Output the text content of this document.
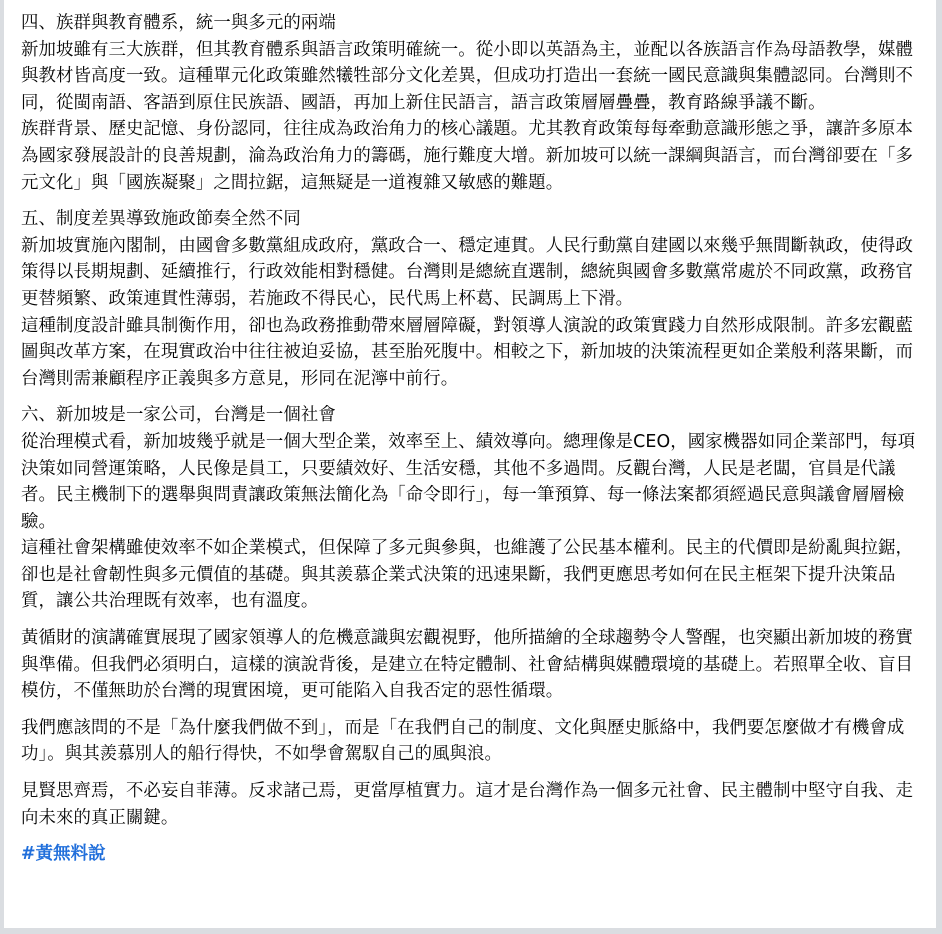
四、族群與教育體系，統一與多元的兩端

新加坡雖有三大族群，但其教育體系與語言政策明確統一。從小即以英語為主，並配以各族語言作為母語教學，媒體與教材皆高度一致。這種單元化政策雖然犧牲部分文化差異，但成功打造出一套統一國民意識與集體認同。台灣則不同，從閩南語、客語到原住民族語、國語，再加上新住民語言，語言政策層層疊疊，教育路線爭議不斷。

族群背景、歷史記憶、身份認同，往往成為政治角力的核心議題。尤其教育政策每每牽動意識形態之爭，讓許多原本為國家發展設計的良善規劃，淪為政治角力的籌碼，施行難度大增。新加坡可以統一課綱與語言，而台灣卻要在「多元文化」與「國族凝聚」之間拉鋸，這無疑是一道複雜又敏感的難題。

五、制度差異導致施政節奏全然不同

新加坡實施內閣制，由國會多數黨組成政府，黨政合一、穩定連貫。人民行動黨自建國以來幾乎無間斷執政，使得政策得以長期規劃、延續推行，行政效能相對穩健。台灣則是總統直選制，總統與國會多數黨常處於不同政黨，政務官更替頻繁、政策連貫性薄弱，若施政不得民心，民代馬上杯葛、民調馬上下滑。

這種制度設計雖具制衡作用，卻也為政務推動帶來層層障礙，對領導人演說的政策實踐力自然形成限制。許多宏觀藍圖與改革方案，在現實政治中往往被迫妥協，甚至胎死腹中。相較之下，新加坡的決策流程更如企業般利落果斷，而台灣則需兼顧程序正義與多方意見，形同在泥濘中前行。

六、新加坡是一家公司，台灣是一個社會

從治理模式看，新加坡幾乎就是一個大型企業，效率至上、績效導向。總理像是CEO，國家機器如同企業部門，每項決策如同營運策略，人民像是員工，只要績效好、生活安穩，其他不多過問。反觀台灣，人民是老闆，官員是代議者。民主機制下的選舉與問責讓政策無法簡化為「命令即行」，每一筆預算、每一條法案都須經過民意與議會層層檢驗。

這種社會架構雖使效率不如企業模式，但保障了多元與參與，也維護了公民基本權利。民主的代價即是紛亂與拉鋸，卻也是社會韌性與多元價值的基礎。與其羨慕企業式決策的迅速果斷，我們更應思考如何在民主框架下提升決策品質，讓公共治理既有效率，也有溫度。

黃循財的演講確實展現了國家領導人的危機意識與宏觀視野，他所描繪的全球趨勢令人警醒，也突顯出新加坡的務實與準備。但我們必須明白，這樣的演說背後，是建立在特定體制、社會結構與媒體環境的基礎上。若照單全收、盲目模仿，不僅無助於台灣的現實困境，更可能陷入自我否定的惡性循環。

我們應該問的不是「為什麼我們做不到」，而是「在我們自己的制度、文化與歷史脈絡中，我們要怎麼做才有機會成功」。與其羨慕別人的船行得快，不如學會駕馭自己的風與浪。

見賢思齊焉，不必妄自菲薄。反求諸己焉，更當厚植實力。這才是台灣作為一個多元社會、民主體制中堅守自我、走向未來的真正關鍵。

#黃無料說
